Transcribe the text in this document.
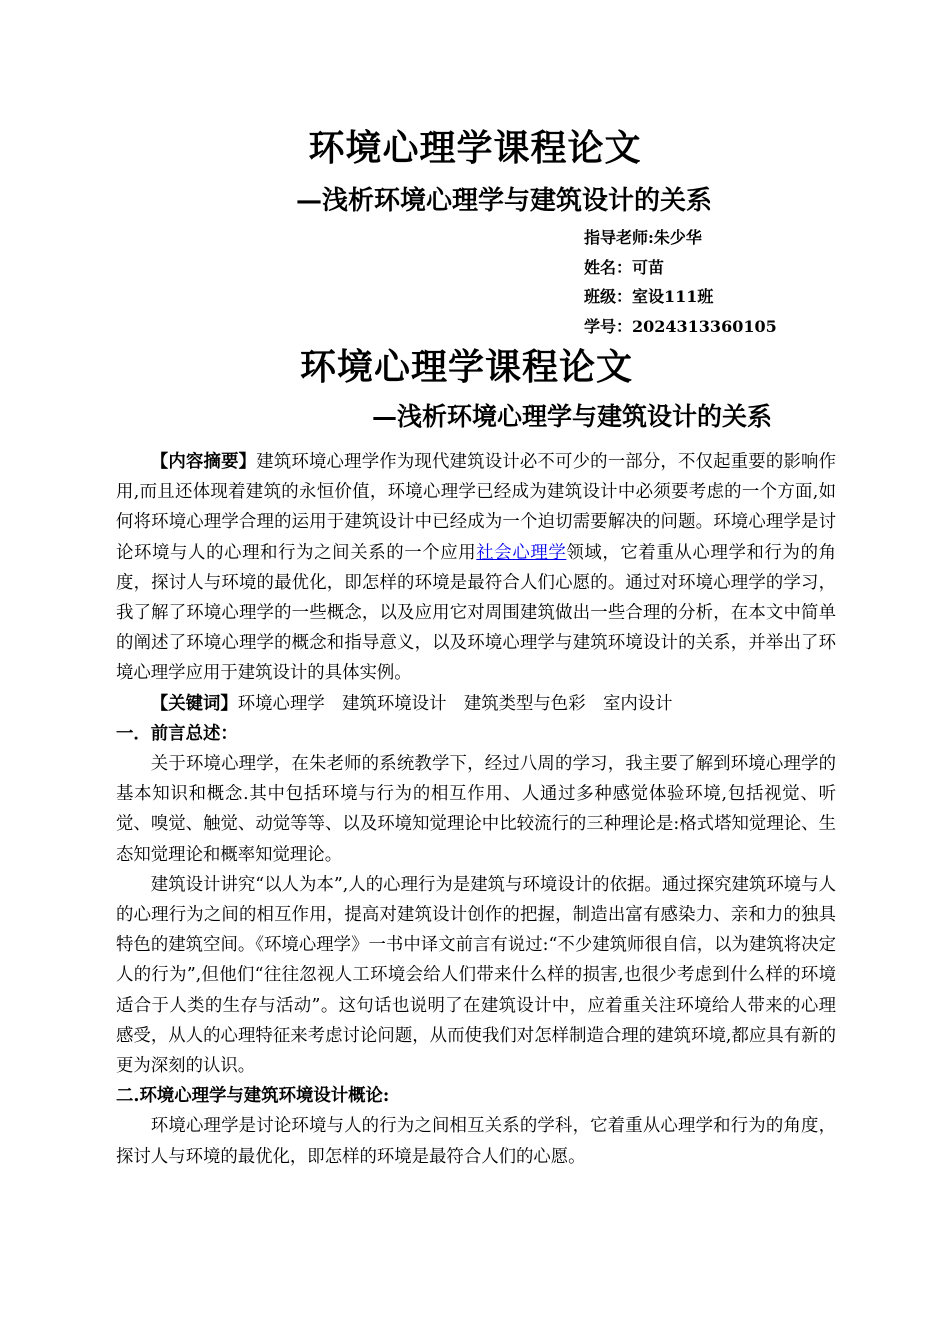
环境心理学课程论文
—浅析环境心理学与建筑设计的关系
指导老师:朱少华
姓名：可苗
班级：室设111班
学号：2024313360105
环境心理学课程论文
—浅析环境心理学与建筑设计的关系

【内容摘要】建筑环境心理学作为现代建筑设计必不可少的一部分，不仅起重要的影响作用,而且还体现着建筑的永恒价值，环境心理学已经成为建筑设计中必须要考虑的一个方面,如何将环境心理学合理的运用于建筑设计中已经成为一个迫切需要解决的问题。环境心理学是讨论环境与人的心理和行为之间关系的一个应用社会心理学领域，它着重从心理学和行为的角度，探讨人与环境的最优化，即怎样的环境是最符合人们心愿的。通过对环境心理学的学习，我了解了环境心理学的一些概念，以及应用它对周围建筑做出一些合理的分析，在本文中简单的阐述了环境心理学的概念和指导意义，以及环境心理学与建筑环境设计的关系，并举出了环境心理学应用于建筑设计的具体实例。

【关键词】环境心理学　建筑环境设计　建筑类型与色彩　室内设计

一．前言总述：

关于环境心理学，在朱老师的系统教学下，经过八周的学习，我主要了解到环境心理学的基本知识和概念.其中包括环境与行为的相互作用、人通过多种感觉体验环境,包括视觉、听觉、嗅觉、触觉、动觉等等、以及环境知觉理论中比较流行的三种理论是:格式塔知觉理论、生态知觉理论和概率知觉理论。

建筑设计讲究“以人为本”,人的心理行为是建筑与环境设计的依据。通过探究建筑环境与人的心理行为之间的相互作用，提高对建筑设计创作的把握，制造出富有感染力、亲和力的独具特色的建筑空间。《环境心理学》一书中译文前言有说过:“不少建筑师很自信，以为建筑将决定人的行为”,但他们“往往忽视人工环境会给人们带来什么样的损害,也很少考虑到什么样的环境适合于人类的生存与活动”。这句话也说明了在建筑设计中，应着重关注环境给人带来的心理感受，从人的心理特征来考虑讨论问题，从而使我们对怎样制造合理的建筑环境,都应具有新的更为深刻的认识。

二.环境心理学与建筑环境设计概论:

环境心理学是讨论环境与人的行为之间相互关系的学科，它着重从心理学和行为的角度，探讨人与环境的最优化，即怎样的环境是最符合人们的心愿。
